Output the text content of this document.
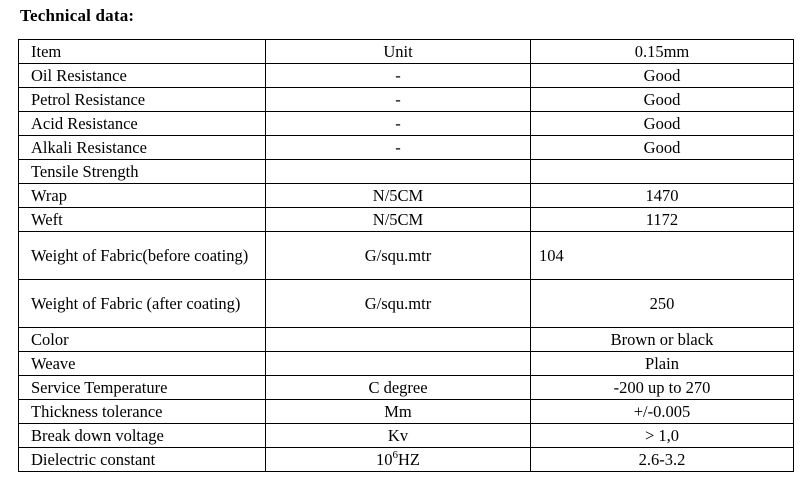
Technical data:
Item	Unit	0.15mm
Oil Resistance	-	Good
Petrol Resistance	-	Good
Acid Resistance	-	Good
Alkali Resistance	-	Good
Tensile Strength		
Wrap	N/5CM	1470
Weft	N/5CM	1172
Weight of Fabric(before coating)	G/squ.mtr	104
Weight of Fabric (after coating)	G/squ.mtr	250
Color		Brown or black
Weave		Plain
Service Temperature	C degree	-200 up to 270
Thickness tolerance	Mm	+/-0.005
Break down voltage	Kv	> 1,0
Dielectric constant	$10^6HZ$	2.6-3.2
